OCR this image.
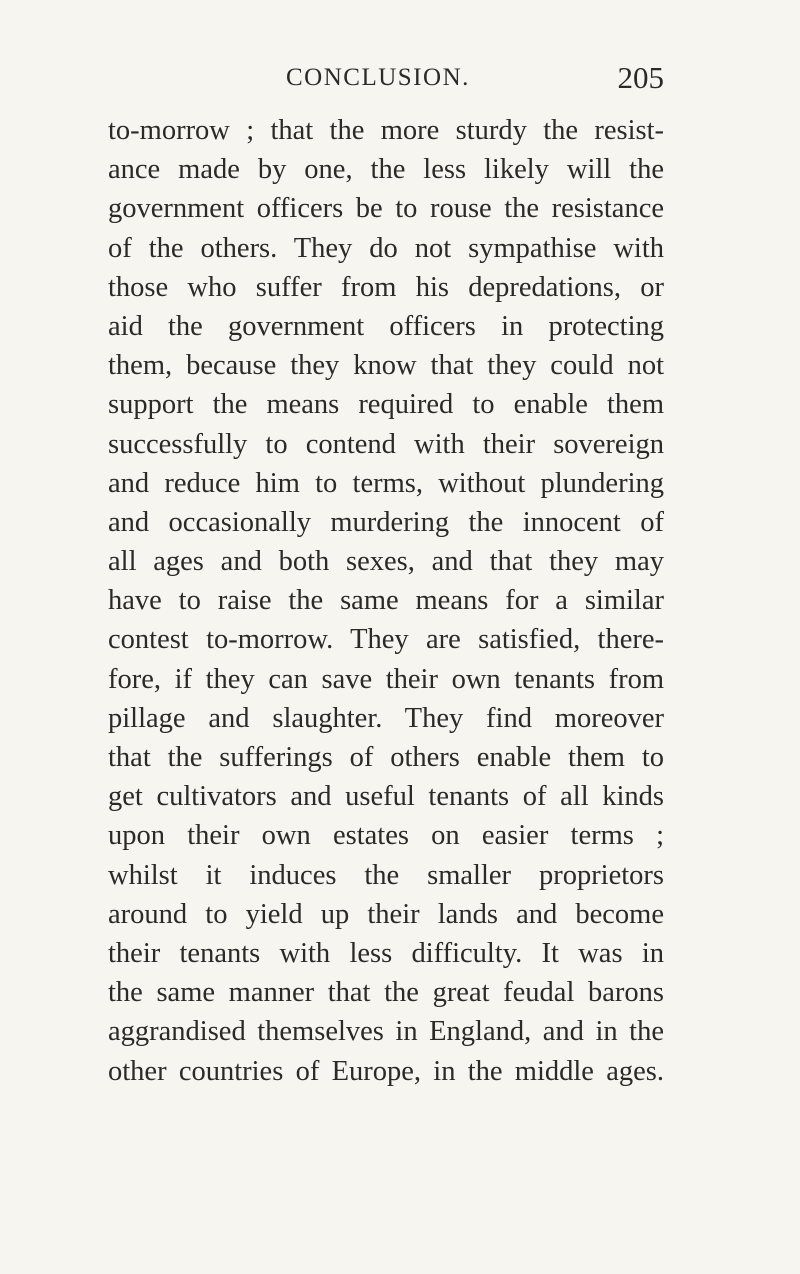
CONCLUSION.	205
to-morrow ; that the more sturdy the resist-
ance made by one, the less likely will the
government officers be to rouse the resistance
of the others. They do not sympathise with
those who suffer from his depredations, or
aid the government officers in protecting
them, because they know that they could not
support the means required to enable them
successfully to contend with their sovereign
and reduce him to terms, without plundering
and occasionally murdering the innocent of
all ages and both sexes, and that they may
have to raise the same means for a similar
contest to-morrow. They are satisfied, there-
fore, if they can save their own tenants from
pillage and slaughter. They find moreover
that the sufferings of others enable them to
get cultivators and useful tenants of all kinds
upon their own estates on easier terms ;
whilst it induces the smaller proprietors
around to yield up their lands and become
their tenants with less difficulty. It was in
the same manner that the great feudal barons
aggrandised themselves in England, and in the
other countries of Europe, in the middle ages.
